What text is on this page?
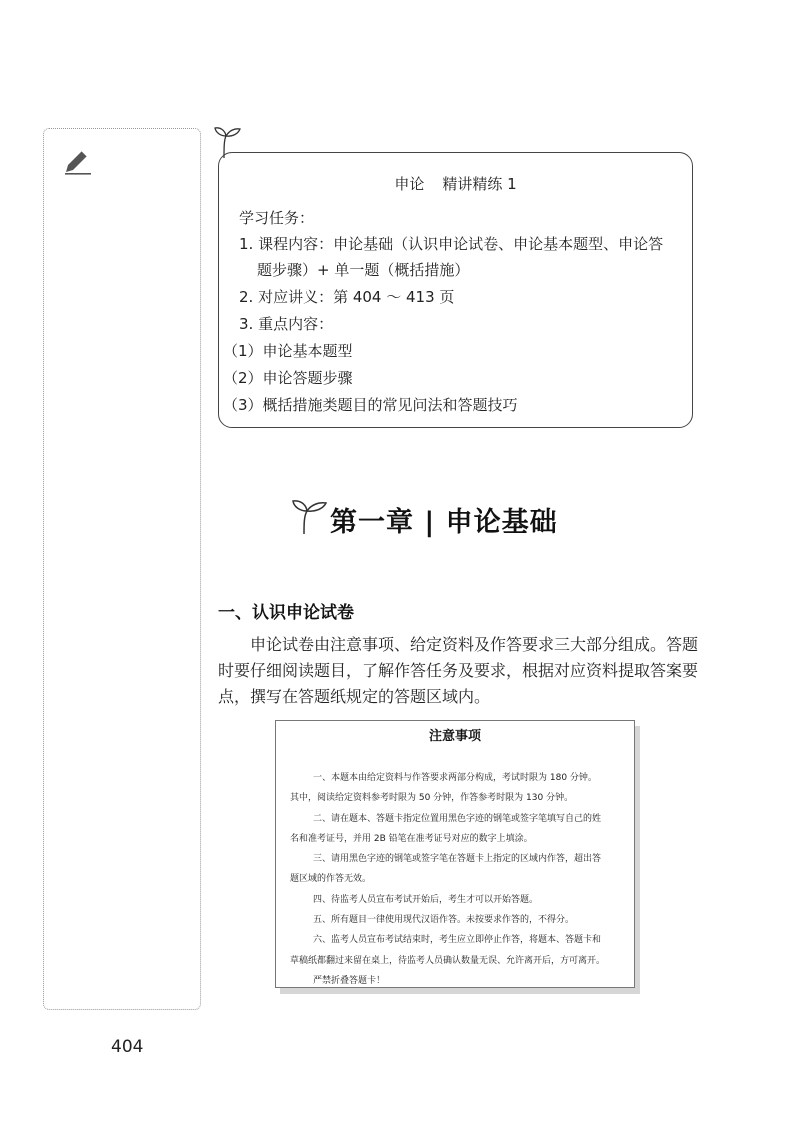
申论 精讲精练 1
学习任务：
1. 课程内容：申论基础（认识申论试卷、申论基本题型、申论答
题步骤）+ 单一题（概括措施）
2. 对应讲义：第 404 ～ 413 页
3. 重点内容：
（1）申论基本题型
（2）申论答题步骤
（3）概括措施类题目的常见问法和答题技巧
第一章 | 申论基础
一、认识申论试卷
　　申论试卷由注意事项、给定资料及作答要求三大部分组成。答题
时要仔细阅读题目，了解作答任务及要求，根据对应资料提取答案要
点，撰写在答题纸规定的答题区域内。
注意事项
一、本题本由给定资料与作答要求两部分构成，考试时限为 180 分钟。
其中，阅读给定资料参考时限为 50 分钟，作答参考时限为 130 分钟。
二、请在题本、答题卡指定位置用黑色字迹的钢笔或签字笔填写自己的姓
名和准考证号，并用 2B 铅笔在准考证号对应的数字上填涂。
三、请用黑色字迹的钢笔或签字笔在答题卡上指定的区域内作答，超出答
题区域的作答无效。
四、待监考人员宣布考试开始后，考生才可以开始答题。
五、所有题目一律使用现代汉语作答。未按要求作答的，不得分。
六、监考人员宣布考试结束时，考生应立即停止作答，将题本、答题卡和
草稿纸都翻过来留在桌上，待监考人员确认数量无误、允许离开后，方可离开。
严禁折叠答题卡！
404
